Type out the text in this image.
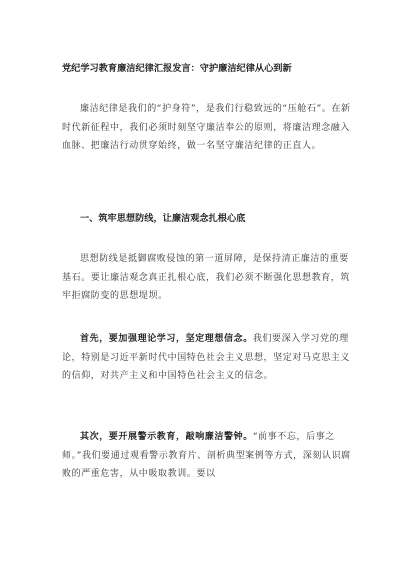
党纪学习教育廉洁纪律汇报发言：守护廉洁纪律从心到新

廉洁纪律是我们的“护身符”，是我们行稳致远的“压舱石”。在新时代新征程中，我们必须时刻坚守廉洁奉公的原则，将廉洁理念融入血脉、把廉洁行动贯穿始终，做一名坚守廉洁纪律的正直人。

一、筑牢思想防线，让廉洁观念扎根心底

思想防线是抵御腐败侵蚀的第一道屏障，是保持清正廉洁的重要基石。要让廉洁观念真正扎根心底，我们必须不断强化思想教育，筑牢拒腐防变的思想堤坝。

首先，要加强理论学习，坚定理想信念。我们要深入学习党的理论，特别是习近平新时代中国特色社会主义思想，坚定对马克思主义的信仰，对共产主义和中国特色社会主义的信念。

其次，要开展警示教育，敲响廉洁警钟。“前事不忘，后事之师。”我们要通过观看警示教育片、剖析典型案例等方式，深刻认识腐败的严重危害，从中吸取教训。要以
